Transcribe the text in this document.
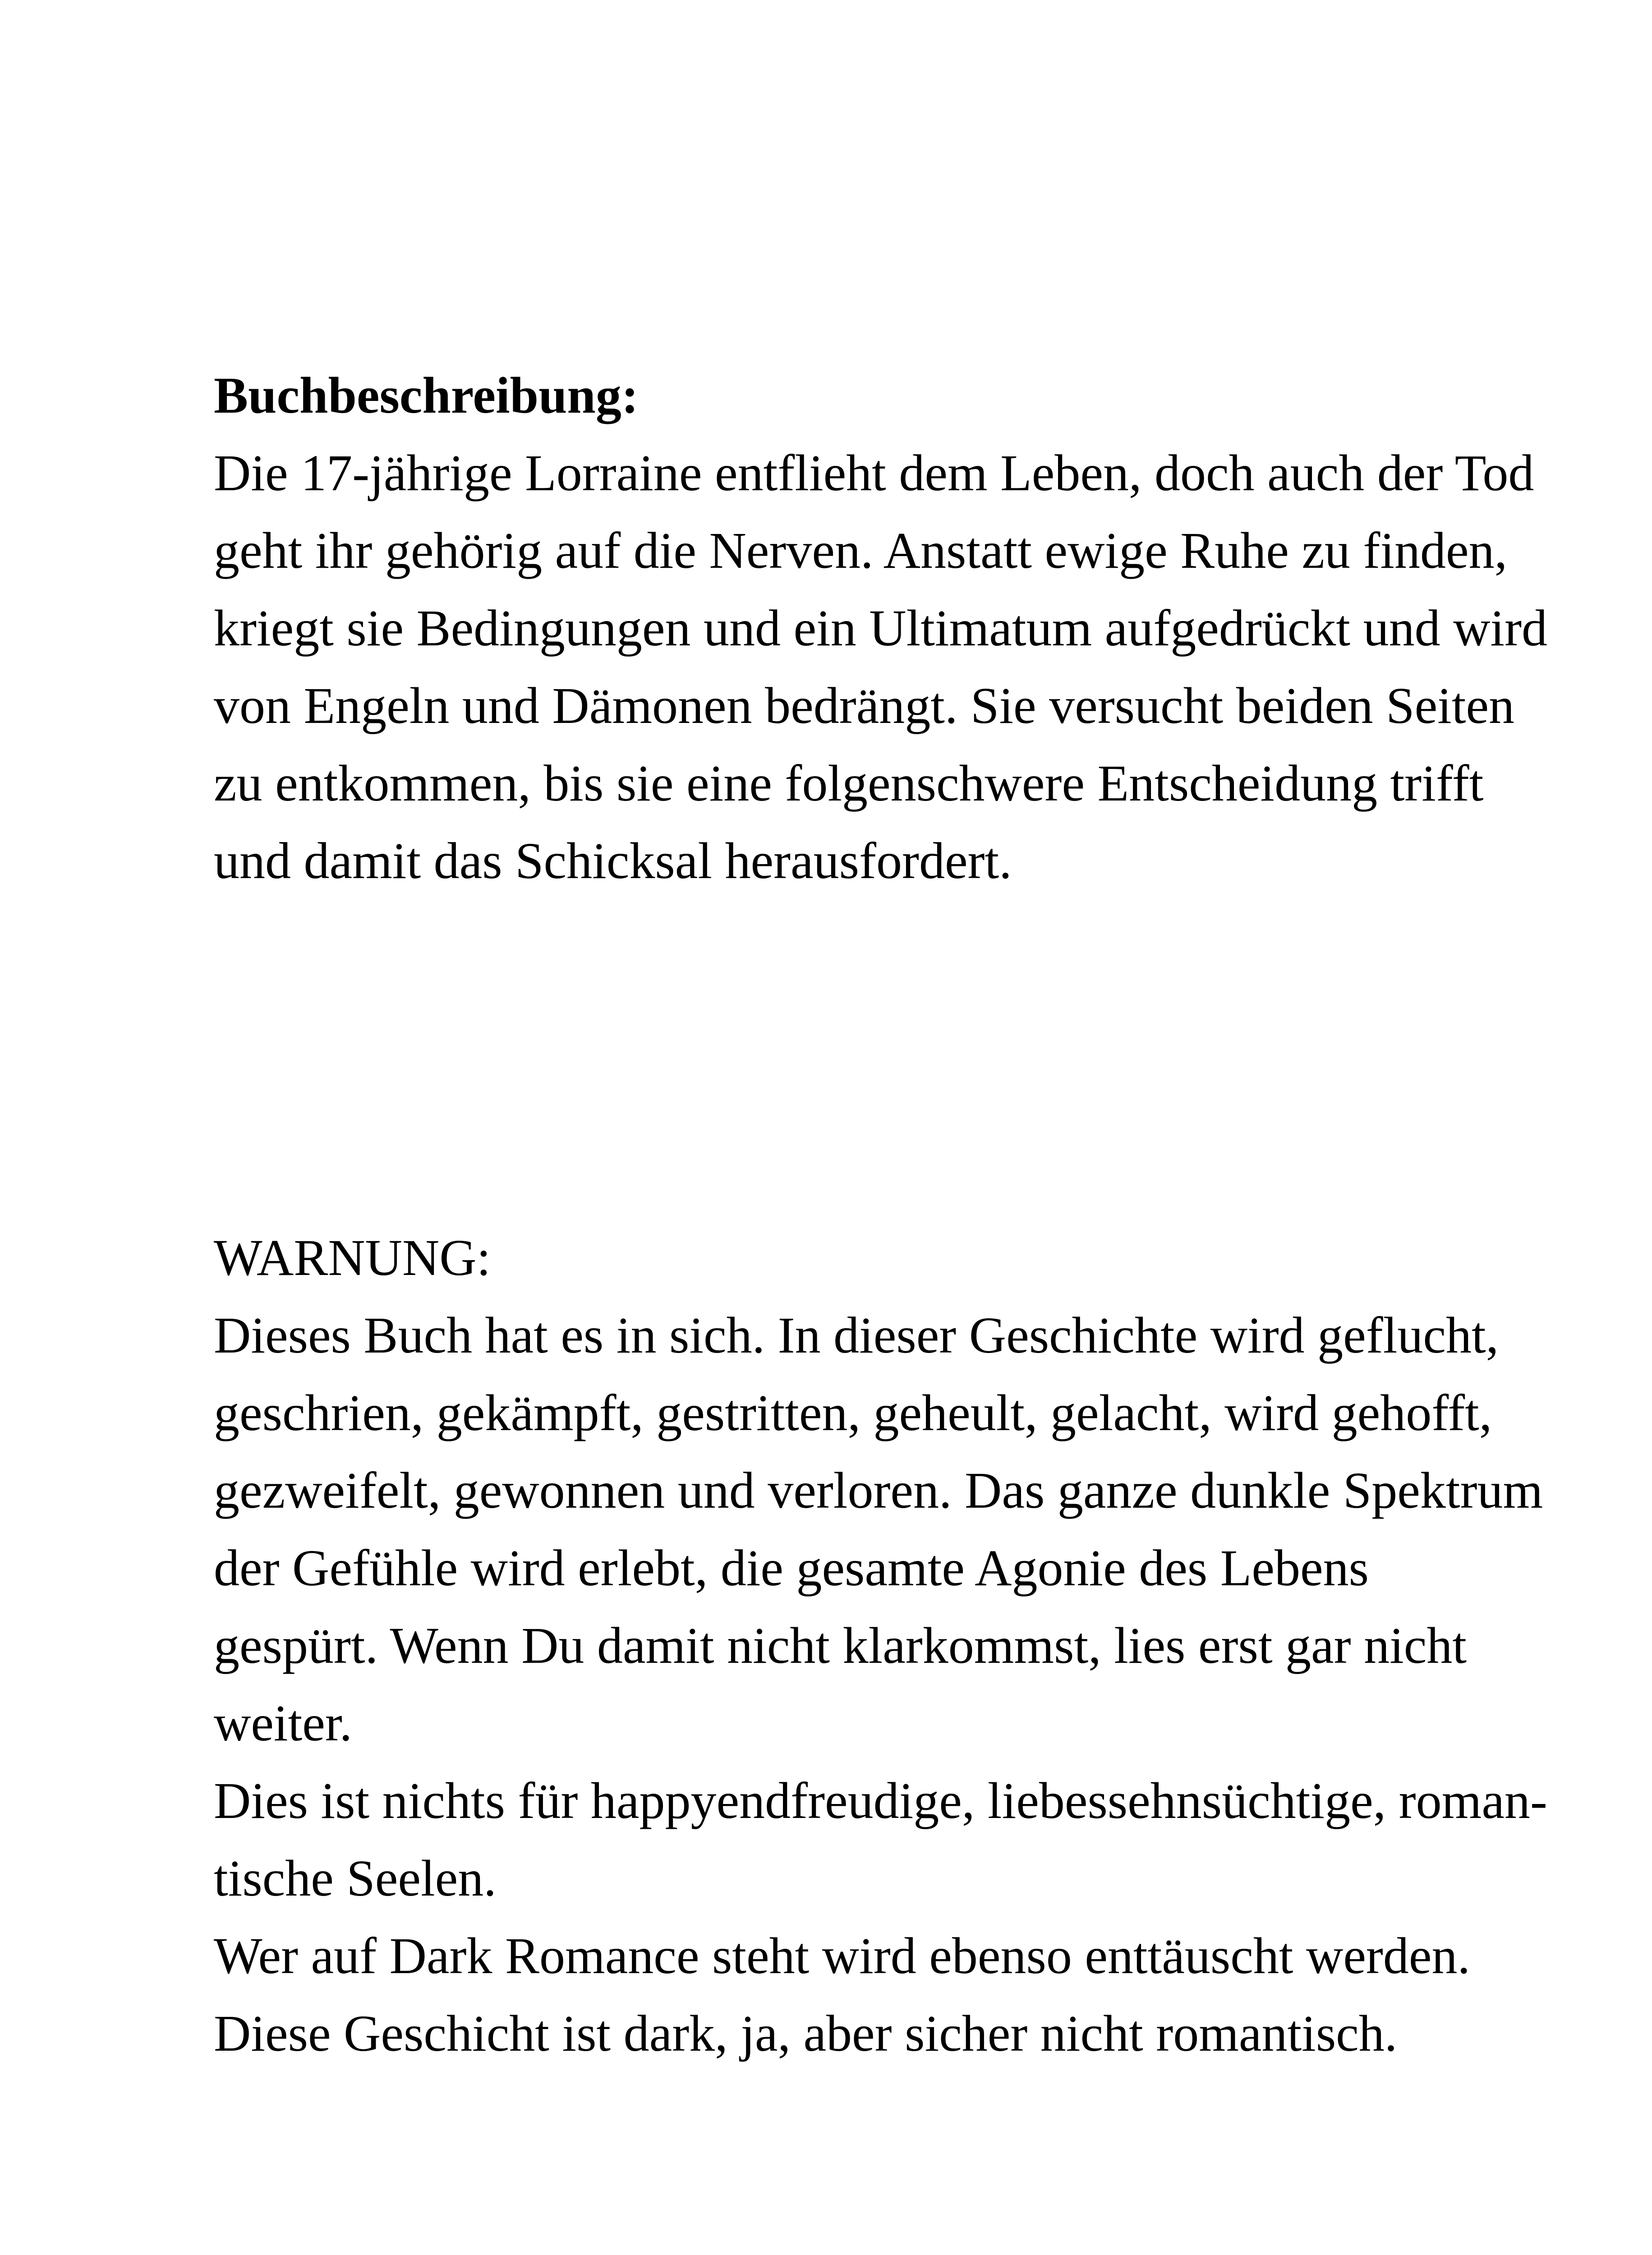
Buchbeschreibung:
Die 17-jährige Lorraine entflieht dem Leben, doch auch der Tod
geht ihr gehörig auf die Nerven. Anstatt ewige Ruhe zu finden,
kriegt sie Bedingungen und ein Ultimatum aufgedrückt und wird
von Engeln und Dämonen bedrängt. Sie versucht beiden Seiten
zu entkommen, bis sie eine folgenschwere Entscheidung trifft
und damit das Schicksal herausfordert.
WARNUNG:
Dieses Buch hat es in sich. In dieser Geschichte wird geflucht,
geschrien, gekämpft, gestritten, geheult, gelacht, wird gehofft,
gezweifelt, gewonnen und verloren. Das ganze dunkle Spektrum
der Gefühle wird erlebt, die gesamte Agonie des Lebens
gespürt. Wenn Du damit nicht klarkommst, lies erst gar nicht
weiter.
Dies ist nichts für happyendfreudige, liebessehnsüchtige, roman-
tische Seelen.
Wer auf Dark Romance steht wird ebenso enttäuscht werden.
Diese Geschicht ist dark, ja, aber sicher nicht romantisch.
